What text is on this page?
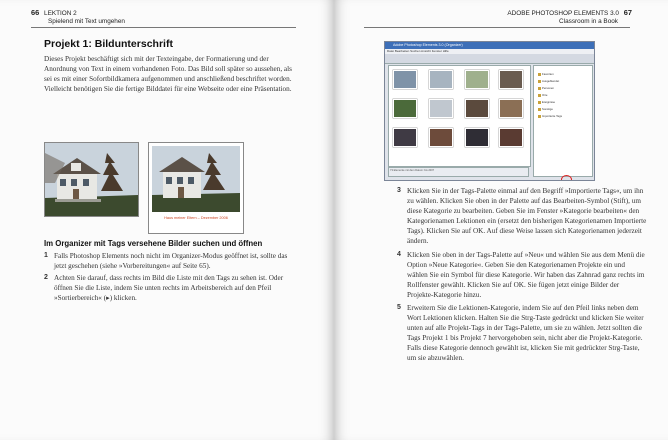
66 LEKTION 2
Spielend mit Text umgehen
Projekt 1: Bildunterschrift
Dieses Projekt beschäftigt sich mit der Texteingabe, der Formatierung und der Anordnung von Text in einem vorhandenen Foto. Das Bild soll später so aussehen, als sei es mit einer Sofortbildkamera aufgenommen und anschließend beschriftet worden. Vielleicht benötigen Sie die fertige Bilddatei für eine Webseite oder eine Präsentation.
Haus meiner Eltern – Dezember 2006
Im Organizer mit Tags versehene Bilder suchen und öffnen
1 Falls Photoshop Elements noch nicht im Organizer-Modus geöffnet ist, sollte das jetzt geschehen (siehe »Vorbereitungen« auf Seite 65).
2 Achten Sie darauf, dass rechts im Bild die Liste mit den Tags zu sehen ist. Oder öffnen Sie die Liste, indem Sie unten rechts im Arbeitsbereich auf den Pfeil »Sortierbereich« (▸) klicken.
ADOBE PHOTOSHOP ELEMENTS 3.0 67
Classroom in a Book
Adobe Photoshop Elements 3.0 (Organizer)
Datei Bearbeiten Suchen Ansicht Fenster Hilfe
Favoriten
Ausgeblendet
Personen
Orte
Ereignisse
Sonstige
Importierte Tags
73 Elemente mit dem Datum: bis 2007
3 Klicken Sie in der Tags-Palette einmal auf den Begriff »Importierte Tags«, um ihn zu wählen. Klicken Sie oben in der Palette auf das Bearbeiten-Symbol (Stift), um diese Kategorie zu bearbeiten. Geben Sie im Fenster »Kategorie bearbeiten« den Kategorienamen Lektionen ein (ersetzt den bisherigen Kategorienamen Importierte Tags). Klicken Sie auf OK. Auf diese Weise lassen sich Kategorienamen jederzeit ändern.
4 Klicken Sie oben in der Tags-Palette auf »Neu« und wählen Sie aus dem Menü die Option »Neue Kategorie«. Geben Sie den Kategorienamen Projekte ein und wählen Sie ein Symbol für diese Kategorie. Wir haben das Zahnrad ganz rechts im Rollfenster gewählt. Klicken Sie auf OK. Sie fügen jetzt einige Bilder der Projekte-Kategorie hinzu.
5 Erweitern Sie die Lektionen-Kategorie, indem Sie auf den Pfeil links neben dem Wort Lektionen klicken. Halten Sie die Strg-Taste gedrückt und klicken Sie weiter unten auf alle Projekt-Tags in der Tags-Palette, um sie zu wählen. Jetzt sollten die Tags Projekt 1 bis Projekt 7 hervorgehoben sein, nicht aber die Projekt-Kategorie. Falls diese Kategorie dennoch gewählt ist, klicken Sie mit gedrückter Strg-Taste, um sie abzuwählen.
